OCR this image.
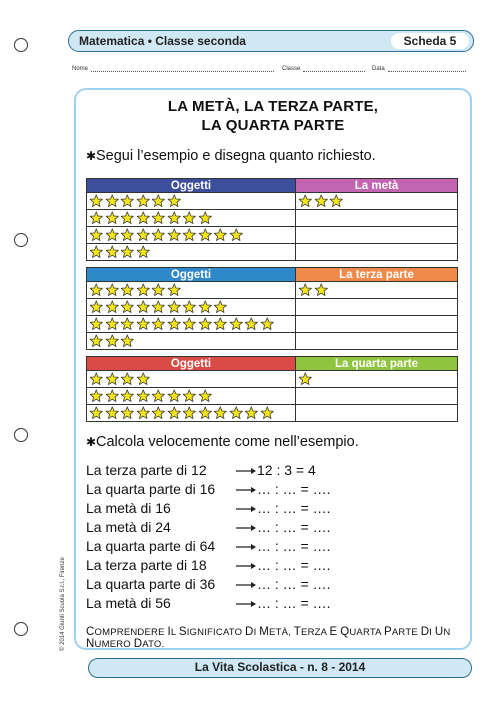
Matematica • Classe seconda	Scheda 5
Nome	Classe	Data
LA METÀ, LA TERZA PARTE,
LA QUARTA PARTE
✱Segui l’esempio e disegna quanto richiesto.
Oggetti	La metà

Oggetti	La terza parte

Oggetti	La quarta parte

✱Calcola velocemente come nell’esempio.
La terza parte di 12	12 : 3 = 4
La quarta parte di 16	… : … = ….
La metà di 16	… : … = ….
La metà di 24	… : … = ….
La quarta parte di 64	… : … = ….
La terza parte di 18	… : … = ….
La quarta parte di 36	… : … = ….
La metà di 56	… : … = ….
COMPRENDERE IL SIGNIFICATO DI METÀ, TERZA E QUARTA PARTE DI UN NUMERO DATO.
© 2014 Giunti Scuola S.r.l., Firenze
La Vita Scolastica - n. 8 - 2014
